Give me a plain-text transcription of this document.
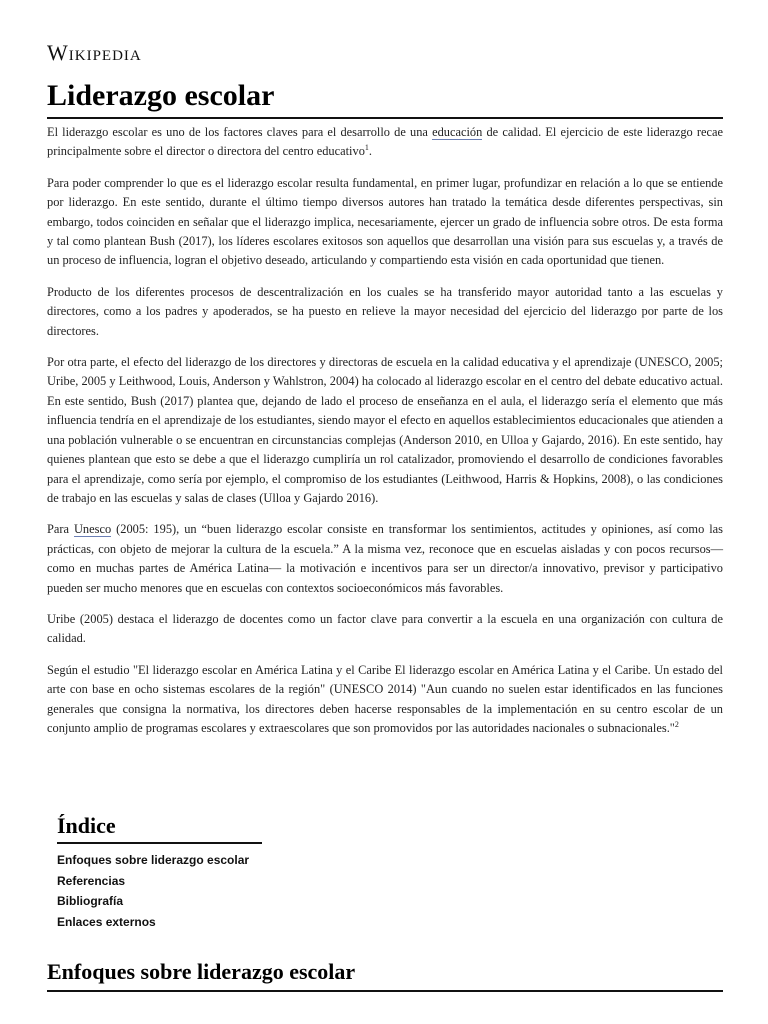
Wikipedia
Liderazgo escolar

El liderazgo escolar es uno de los factores claves para el desarrollo de una educación de calidad. El ejercicio de este liderazgo recae principalmente sobre el director o directora del centro educativo$^1$.

Para poder comprender lo que es el liderazgo escolar resulta fundamental, en primer lugar, profundizar en relación a lo que se entiende por liderazgo. En este sentido, durante el último tiempo diversos autores han tratado la temática desde diferentes perspectivas, sin embargo, todos coinciden en señalar que el liderazgo implica, necesariamente, ejercer un grado de influencia sobre otros. De esta forma y tal como plantean Bush (2017), los líderes escolares exitosos son aquellos que desarrollan una visión para sus escuelas y, a través de un proceso de influencia, logran el objetivo deseado, articulando y compartiendo esta visión en cada oportunidad que tienen.

Producto de los diferentes procesos de descentralización en los cuales se ha transferido mayor autoridad tanto a las escuelas y directores, como a los padres y apoderados, se ha puesto en relieve la mayor necesidad del ejercicio del liderazgo por parte de los directores.

Por otra parte, el efecto del liderazgo de los directores y directoras de escuela en la calidad educativa y el aprendizaje (UNESCO, 2005; Uribe, 2005 y Leithwood, Louis, Anderson y Wahlstron, 2004) ha colocado al liderazgo escolar en el centro del debate educativo actual. En este sentido, Bush (2017) plantea que, dejando de lado el proceso de enseñanza en el aula, el liderazgo sería el elemento que más influencia tendría en el aprendizaje de los estudiantes, siendo mayor el efecto en aquellos establecimientos educacionales que atienden a una población vulnerable o se encuentran en circunstancias complejas (Anderson 2010, en Ulloa y Gajardo, 2016). En este sentido, hay quienes plantean que esto se debe a que el liderazgo cumpliría un rol catalizador, promoviendo el desarrollo de condiciones favorables para el aprendizaje, como sería por ejemplo, el compromiso de los estudiantes (Leithwood, Harris & Hopkins, 2008), o las condiciones de trabajo en las escuelas y salas de clases (Ulloa y Gajardo 2016).

Para Unesco (2005: 195), un “buen liderazgo escolar consiste en transformar los sentimientos, actitudes y opiniones, así como las prácticas, con objeto de mejorar la cultura de la escuela.” A la misma vez, reconoce que en escuelas aisladas y con pocos recursos—como en muchas partes de América Latina— la motivación e incentivos para ser un director/a innovativo, previsor y participativo pueden ser mucho menores que en escuelas con contextos socioeconómicos más favorables.

Uribe (2005) destaca el liderazgo de docentes como un factor clave para convertir a la escuela en una organización con cultura de calidad.

Según el estudio "El liderazgo escolar en América Latina y el Caribe El liderazgo escolar en América Latina y el Caribe. Un estado del arte con base en ocho sistemas escolares de la región" (UNESCO 2014) "Aun cuando no suelen estar identificados en las funciones generales que consigna la normativa, los directores deben hacerse responsables de la implementación en su centro escolar de un conjunto amplio de programas escolares y extraescolares que son promovidos por las autoridades nacionales o subnacionales."$^2$

Índice
Enfoques sobre liderazgo escolar
Referencias
Bibliografía
Enlaces externos
Enfoques sobre liderazgo escolar
